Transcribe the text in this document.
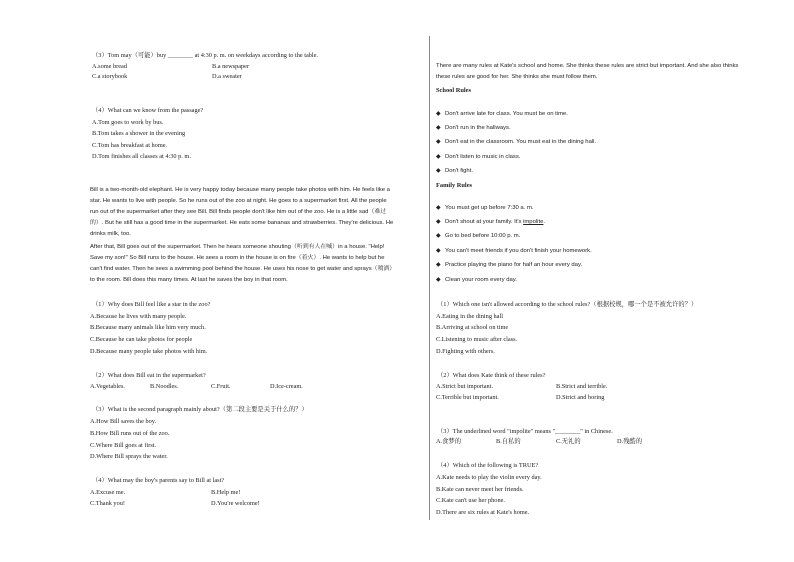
（3）Tom may（可能）buy ________ at 4:30 p. m. on weekdays according to the table.
A.some bread	B.a newspaper
C.a storybook	D.a sweater
（4）What can we know from the passage?
A.Tom goes to work by bus.
B.Tom takes a shower in the evening
C.Tom has breakfast at home.
D.Tom finishes all classes at 4:30 p. m.
Bill is a two-month-old elephant. He is very happy today because many people take photos with him. He feels like a
star. He wants to live with people. So he runs out of the zoo at night. He goes to a supermarket first. All the people
run out of the supermarket after they see Bill. Bill finds people don't like him out of the zoo. He is a little sad（难过
的）. But he still has a good time in the supermarket. He eats some bananas and strawberries. They're delicious. He
drinks milk, too.
After that, Bill goes out of the supermarket. Then he hears someone shouting（听到有人在喊）in a house. "Help!
Save my son!" So Bill runs to the house. He sees a room in the house is on fire（着火）. He wants to help but he
can't find water. Then he sees a swimming pool behind the house. He uses his nose to get water and sprays（喷洒）
to the room. Bill does this many times. At last he saves the boy in that room.
（1）Why does Bill feel like a star in the zoo?
A.Because he lives with many people.
B.Because many animals like him very much.
C.Because he can take photos for people
D.Because many people take photos with him.
（2）What does Bill eat in the supermarket?
A.Vegetables.	B.Noodles.	C.Fruit.	D.Ice-cream.
（3）What is the second paragraph mainly about?（第二段主要是关于什么的？）
A.How Bill saves the boy.
B.How Bill runs out of the zoo.
C.Where Bill goes at first.
D.Where Bill sprays the water.
（4）What may the boy's parents say to Bill at last?
A.Excuse me.	B.Help me!
C.Thank you!	D.You're welcome!
There are many rules at Kate's school and home. She thinks these rules are strict but important. And she also thinks
these rules are good for her. She thinks she must follow them.
School Rules
◆ Don't arrive late for class. You must be on time.
◆ Don't run in the hallways.
◆ Don't eat in the classroom. You must eat in the dining hall.
◆ Don't listen to music in class.
◆ Don't fight.
Family Rules
◆ You must get up before 7:30 a. m.
◆ Don't shout at your family. It's impolite.
◆ Go to bed before 10:00 p. m.
◆ You can't meet friends if you don't finish your homework.
◆ Practice playing the piano for half an hour every day.
◆ Clean your room every day.
（1）Which one isn't allowed according to the school rules?（根据校规，哪一个是不被允许的？）
A.Eating in the dining hall
B.Arriving at school on time
C.Listening to music after class.
D.Fighting with others.
（2）What does Kate think of these rules?
A.Strict but important.	B.Strict and terrible.
C.Terrible but important.	D.Strict and boring
（3）The underlined word "impolite" means "________" in Chinese.
A.食梦的	B.自私的	C.无礼的	D.残酷的
（4）Which of the following is TRUE?
A.Kate needs to play the violin every day.
B.Kate can never meet her friends.
C.Kate can't use her phone.
D.There are six rules at Kate's home.
